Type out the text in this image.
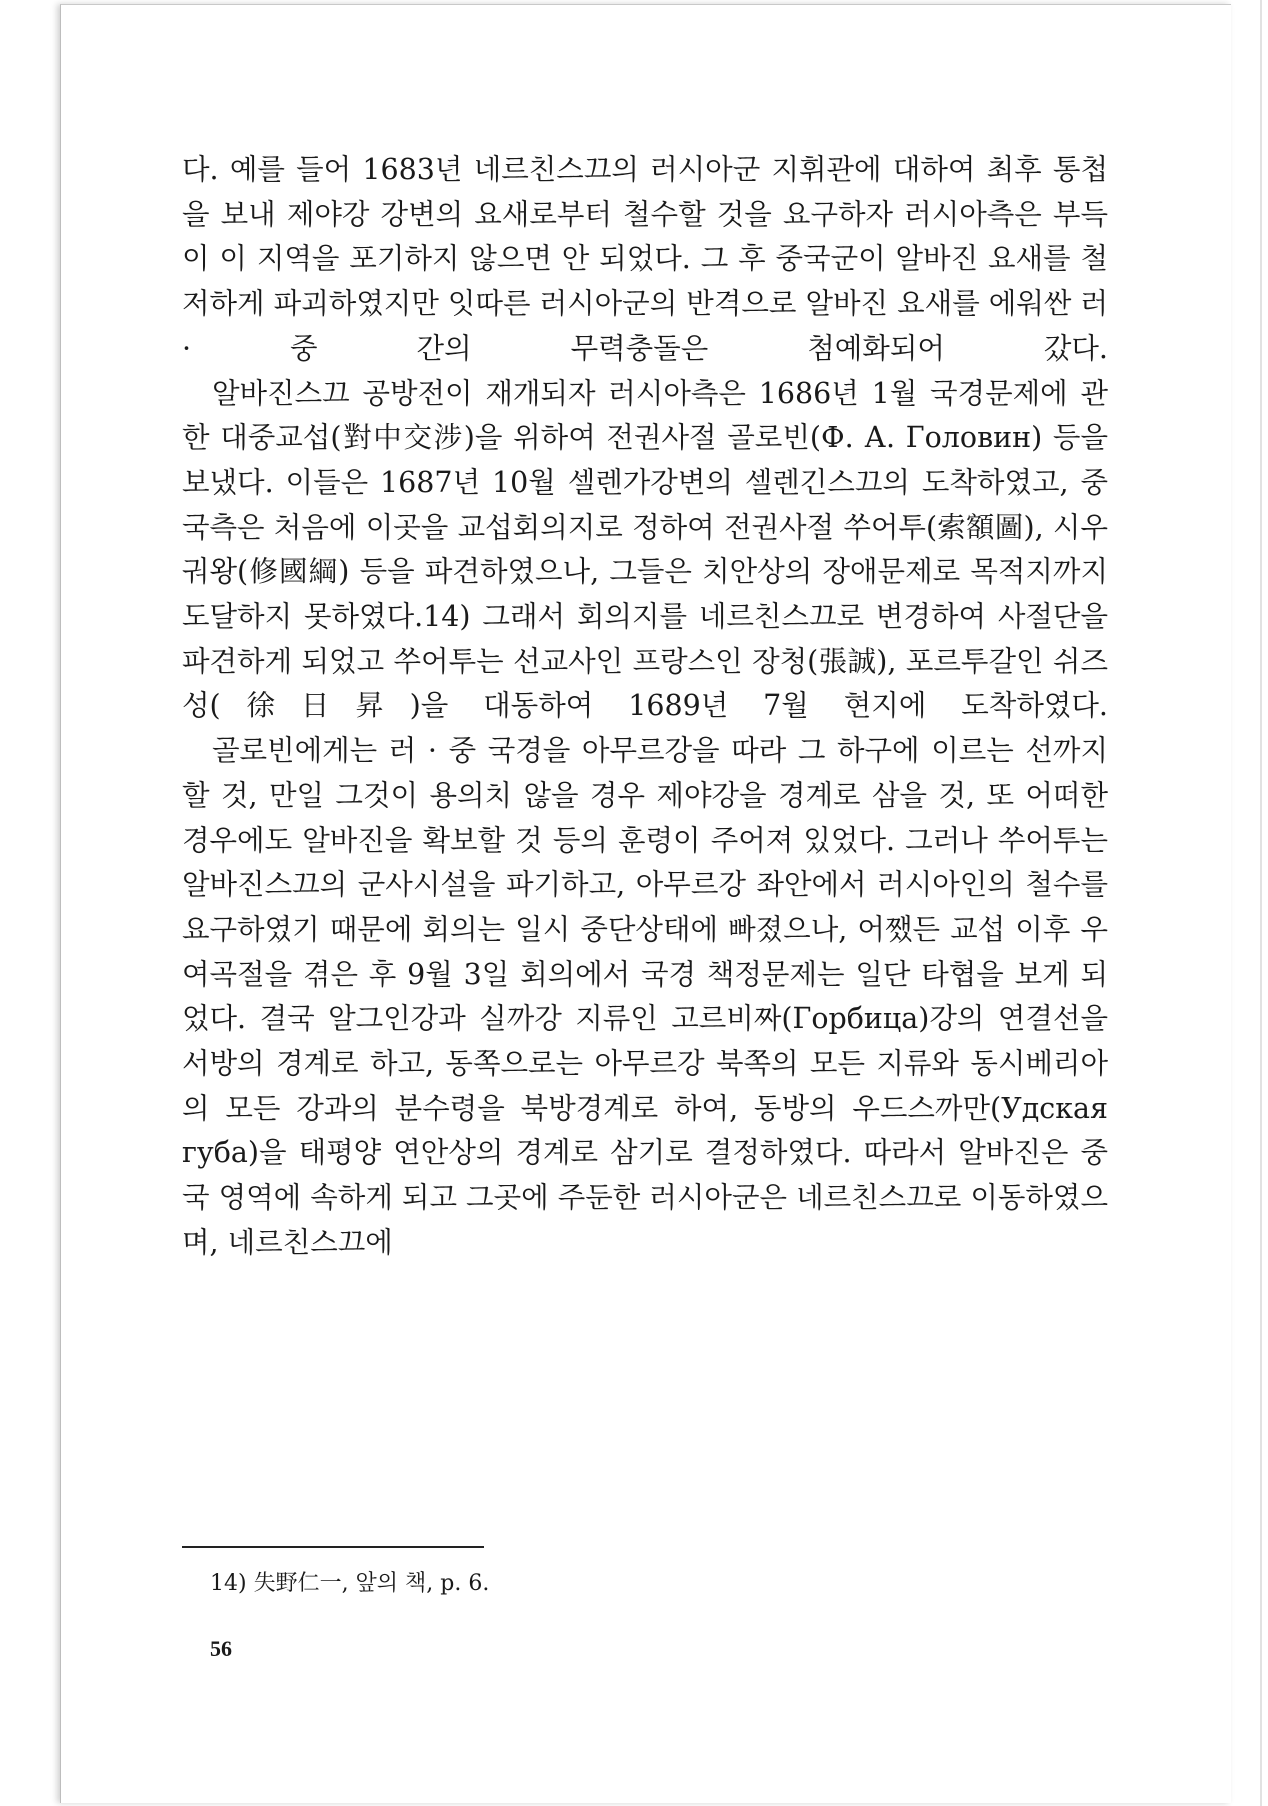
다. 예를 들어 1683년 네르친스끄의 러시아군 지휘관에 대하여 최후 통첩을 보내 제야강 강변의 요새로부터 철수할 것을 요구하자 러시아측은 부득이 이 지역을 포기하지 않으면 안 되었다. 그 후 중국군이 알바진 요새를 철저하게 파괴하였지만 잇따른 러시아군의 반격으로 알바진 요새를 에워싼 러 · 중 간의 무력충돌은 첨예화되어 갔다.

알바진스끄 공방전이 재개되자 러시아측은 1686년 1월 국경문제에 관한 대중교섭(對中交涉)을 위하여 전권사절 골로빈(Ф. А. Головин) 등을 보냈다. 이들은 1687년 10월 셀렌가강변의 셀렌긴스끄의 도착하였고, 중국측은 처음에 이곳을 교섭회의지로 정하여 전권사절 쑤어투(索額圖), 시우궈왕(修國綱) 등을 파견하였으나, 그들은 치안상의 장애문제로 목적지까지 도달하지 못하였다.14) 그래서 회의지를 네르친스끄로 변경하여 사절단을 파견하게 되었고 쑤어투는 선교사인 프랑스인 장청(張誠), 포르투갈인 쉬즈성(徐日昇)을 대동하여 1689년 7월 현지에 도착하였다.

골로빈에게는 러 · 중 국경을 아무르강을 따라 그 하구에 이르는 선까지 할 것, 만일 그것이 용의치 않을 경우 제야강을 경계로 삼을 것, 또 어떠한 경우에도 알바진을 확보할 것 등의 훈령이 주어져 있었다. 그러나 쑤어투는 알바진스끄의 군사시설을 파기하고, 아무르강 좌안에서 러시아인의 철수를 요구하였기 때문에 회의는 일시 중단상태에 빠졌으나, 어쨌든 교섭 이후 우여곡절을 겪은 후 9월 3일 회의에서 국경 책정문제는 일단 타협을 보게 되었다. 결국 알그인강과 실까강 지류인 고르비짜(Горбица)강의 연결선을 서방의 경계로 하고, 동쪽으로는 아무르강 북쪽의 모든 지류와 동시베리아의 모든 강과의 분수령을 북방경계로 하여, 동방의 우드스까만(Удская губа)을 태평양 연안상의 경계로 삼기로 결정하였다. 따라서 알바진은 중국 영역에 속하게 되고 그곳에 주둔한 러시아군은 네르친스끄로 이동하였으며, 네르친스끄에

14) 失野仁一, 앞의 책, p. 6.
56
